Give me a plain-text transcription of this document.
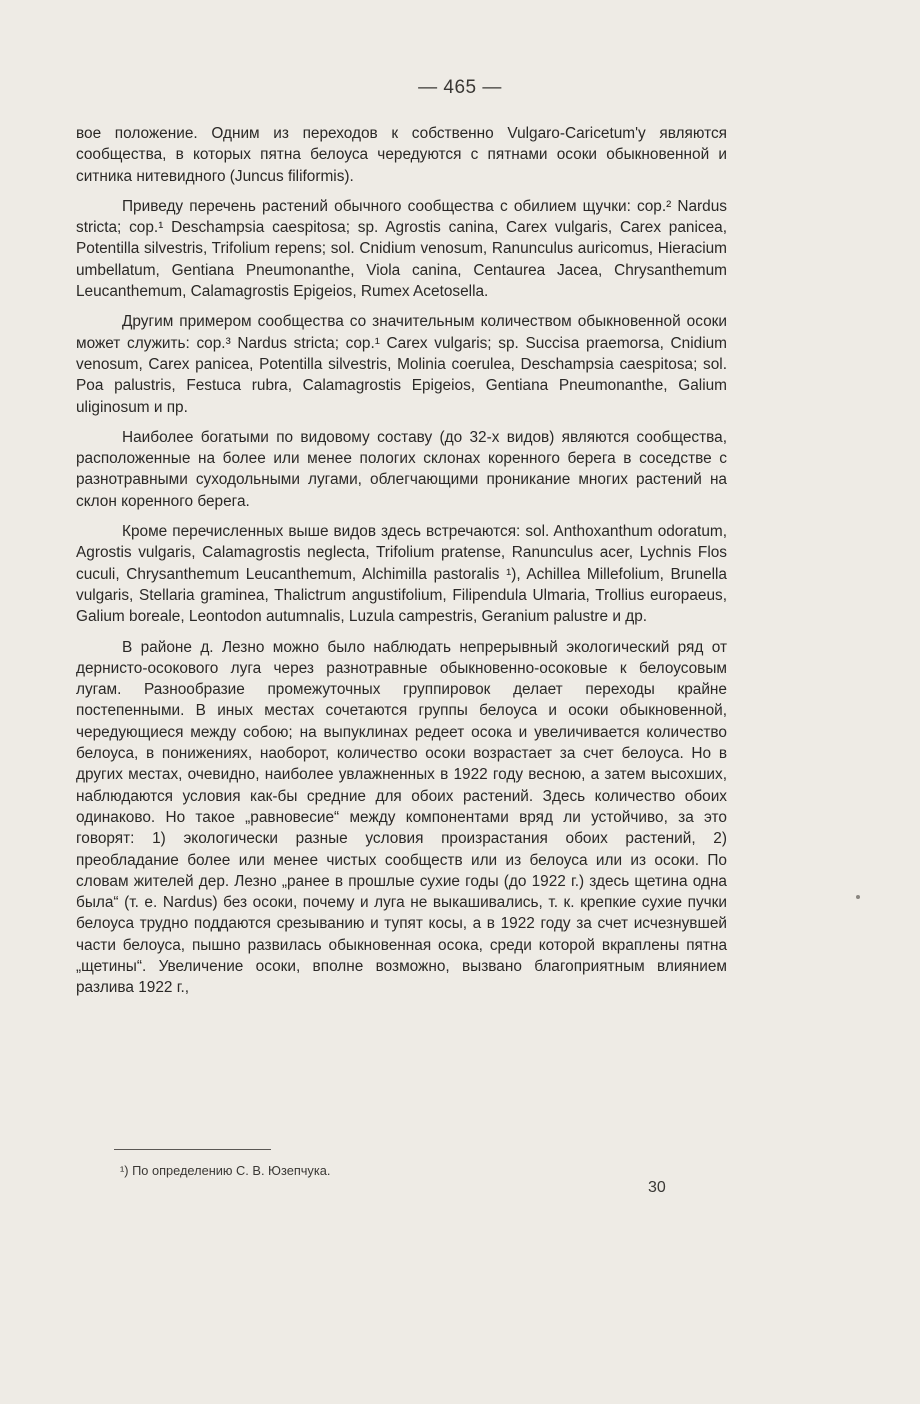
— 465 —

вое положение. Одним из переходов к собственно Vulgaro-Caricetum'у являются сообщества, в которых пятна белоуса чередуются с пятнами осоки обыкновенной и ситника нитевидного (Juncus filiformis).

Приведу перечень растений обычного сообщества с обилием щучки: cop.² Nardus stricta; cop.¹ Deschampsia caespitosa; sp. Agrostis canina, Carex vulgaris, Carex panicea, Potentilla silvestris, Trifolium repens; sol. Cnidium venosum, Ranunculus auricomus, Hieracium umbellatum, Gentiana Pneumonanthe, Viola canina, Centaurea Jacea, Chrysanthemum Leucanthemum, Calamagrostis Epigeios, Rumex Acetosella.

Другим примером сообщества со значительным количеством обыкновенной осоки может служить: cop.³ Nardus stricta; cop.¹ Carex vulgaris; sp. Succisa praemorsa, Cnidium venosum, Carex panicea, Potentilla silvestris, Molinia coerulea, Deschampsia caespitosa; sol. Poa palustris, Festuca rubra, Calamagrostis Epigeios, Gentiana Pneumonanthe, Galium uliginosum и пр.

Наиболее богатыми по видовому составу (до 32-х видов) являются сообщества, расположенные на более или менее пологих склонах коренного берега в соседстве с разнотравными суходольными лугами, облегчающими проникание многих растений на склон коренного берега.

Кроме перечисленных выше видов здесь встречаются: sol. Anthoxanthum odoratum, Agrostis vulgaris, Calamagrostis neglecta, Trifolium pratense, Ranunculus acer, Lychnis Flos cuculi, Chrysanthemum Leucanthemum, Alchimilla pastoralis ¹), Achillea Millefolium, Brunella vulgaris, Stellaria graminea, Thalictrum angustifolium, Filipendula Ulmaria, Trollius europaeus, Galium boreale, Leontodon autumnalis, Luzula campestris, Geranium palustre и др.

В районе д. Лезно можно было наблюдать непрерывный экологический ряд от дернисто-осокового луга через разнотравные обыкновенно-осоковые к белоусовым лугам. Разнообразие промежуточных группировок делает переходы крайне постепенными. В иных местах сочетаются группы белоуса и осоки обыкновенной, чередующиеся между собою; на выпуклинах редеет осока и увеличивается количество белоуса, в понижениях, наоборот, количество осоки возрастает за счет белоуса. Но в других местах, очевидно, наиболее увлажненных в 1922 году весною, а затем высохших, наблюдаются условия как-бы средние для обоих растений. Здесь количество обоих одинаково. Но такое „равновесие“ между компонентами вряд ли устойчиво, за это говорят: 1) экологически разные условия произрастания обоих растений, 2) преобладание более или менее чистых сообществ или из белоуса или из осоки. По словам жителей дер. Лезно „ранее в прошлые сухие годы (до 1922 г.) здесь щетина одна была“ (т. е. Nardus) без осоки, почему и луга не выкашивались, т. к. крепкие сухие пучки белоуса трудно поддаются срезыванию и тупят косы, а в 1922 году за счет исчезнувшей части белоуса, пышно развилась обыкновенная осока, среди которой вкраплены пятна „щетины“. Увеличение осоки, вполне возможно, вызвано благоприятным влиянием разлива 1922 г.,

¹) По определению С. В. Юзепчука.
30
